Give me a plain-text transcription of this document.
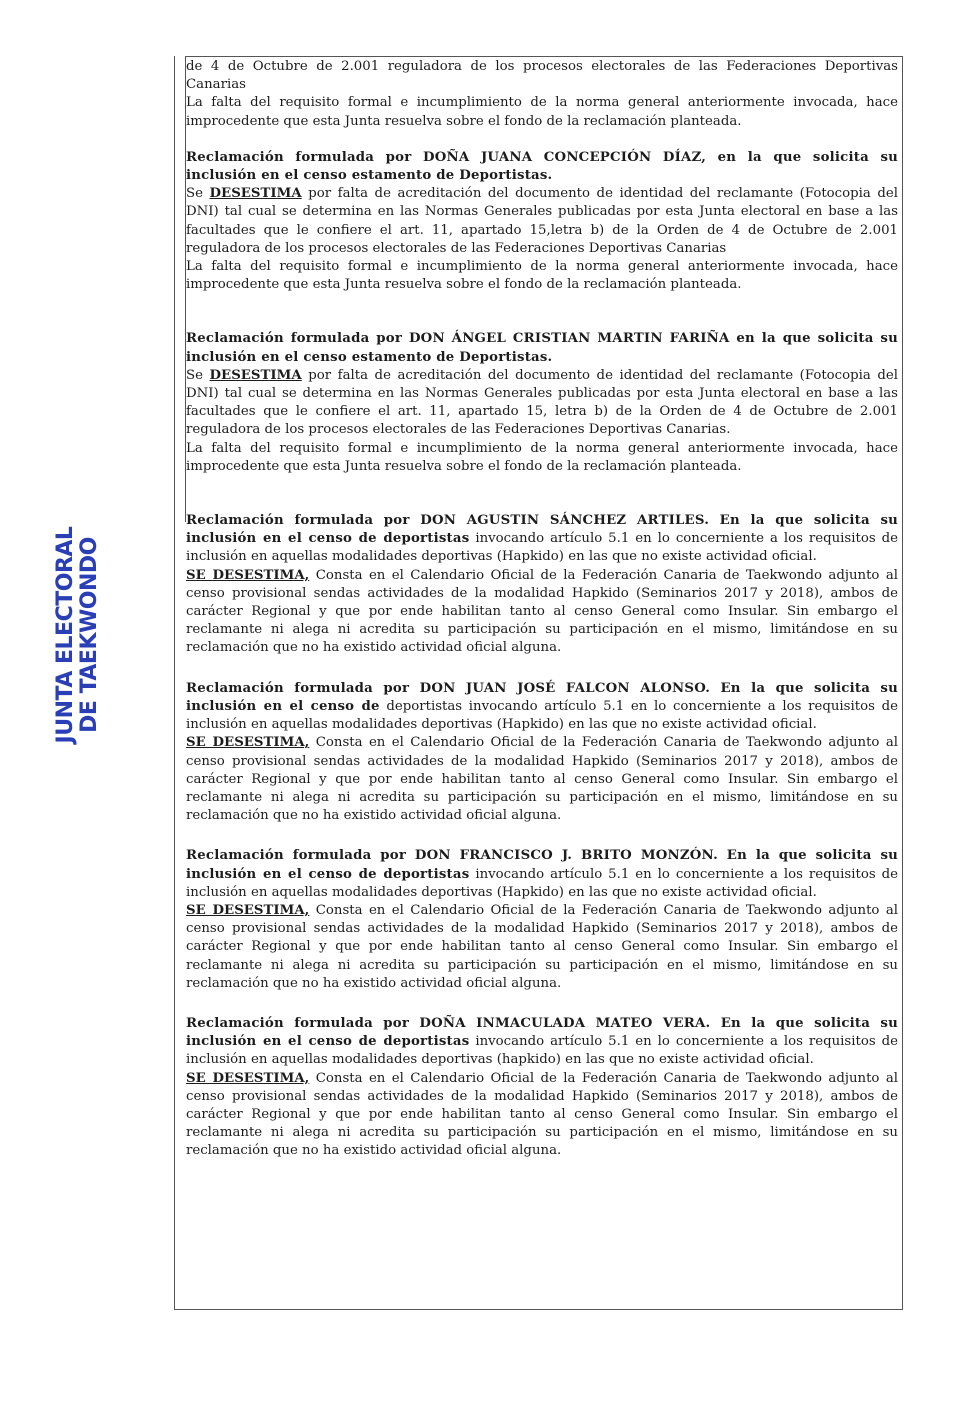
JUNTA ELECTORAL DE TAEKWONDO

de 4 de Octubre de 2.001 reguladora de los procesos electorales de las Federaciones Deportivas Canarias

La falta del requisito formal e incumplimiento de la norma general anteriormente invocada, hace improcedente que esta Junta resuelva sobre el fondo de la reclamación planteada.

Reclamación formulada por DOÑA JUANA CONCEPCIÓN DÍAZ, en la que solicita su inclusión en el censo estamento de Deportistas.

Se DESESTIMA por falta de acreditación del documento de identidad del reclamante (Fotocopia del DNI) tal cual se determina en las Normas Generales publicadas por esta Junta electoral en base a las facultades que le confiere el art. 11, apartado 15,letra b) de la Orden de 4 de Octubre de 2.001 reguladora de los procesos electorales de las Federaciones Deportivas Canarias

La falta del requisito formal e incumplimiento de la norma general anteriormente invocada, hace improcedente que esta Junta resuelva sobre el fondo de la reclamación planteada.

Reclamación formulada por DON ÁNGEL CRISTIAN MARTIN FARIÑA en la que solicita su inclusión en el censo estamento de Deportistas.

Se DESESTIMA por falta de acreditación del documento de identidad del reclamante (Fotocopia del DNI) tal cual se determina en las Normas Generales publicadas por esta Junta electoral en base a las facultades que le confiere el art. 11, apartado 15, letra b) de la Orden de 4 de Octubre de 2.001 reguladora de los procesos electorales de las Federaciones Deportivas Canarias.

La falta del requisito formal e incumplimiento de la norma general anteriormente invocada, hace improcedente que esta Junta resuelva sobre el fondo de la reclamación planteada.

Reclamación formulada por DON AGUSTIN SÁNCHEZ ARTILES. En la que solicita su inclusión en el censo de deportistas invocando artículo 5.1 en lo concerniente a los requisitos de inclusión en aquellas modalidades deportivas (Hapkido) en las que no existe actividad oficial.

SE DESESTIMA, Consta en el Calendario Oficial de la Federación Canaria de Taekwondo adjunto al censo provisional sendas actividades de la modalidad Hapkido (Seminarios 2017 y 2018), ambos de carácter Regional y que por ende habilitan tanto al censo General como Insular. Sin embargo el reclamante ni alega ni acredita su participación su participación en el mismo, limitándose en su reclamación que no ha existido actividad oficial alguna.

Reclamación formulada por DON JUAN JOSÉ FALCON ALONSO. En la que solicita su inclusión en el censo de deportistas invocando artículo 5.1 en lo concerniente a los requisitos de inclusión en aquellas modalidades deportivas (Hapkido) en las que no existe actividad oficial.

SE DESESTIMA, Consta en el Calendario Oficial de la Federación Canaria de Taekwondo adjunto al censo provisional sendas actividades de la modalidad Hapkido (Seminarios 2017 y 2018), ambos de carácter Regional y que por ende habilitan tanto al censo General como Insular. Sin embargo el reclamante ni alega ni acredita su participación su participación en el mismo, limitándose en su reclamación que no ha existido actividad oficial alguna.

Reclamación formulada por DON FRANCISCO J. BRITO MONZÓN. En la que solicita su inclusión en el censo de deportistas invocando artículo 5.1 en lo concerniente a los requisitos de inclusión en aquellas modalidades deportivas (Hapkido) en las que no existe actividad oficial.

SE DESESTIMA, Consta en el Calendario Oficial de la Federación Canaria de Taekwondo adjunto al censo provisional sendas actividades de la modalidad Hapkido (Seminarios 2017 y 2018), ambos de carácter Regional y que por ende habilitan tanto al censo General como Insular. Sin embargo el reclamante ni alega ni acredita su participación su participación en el mismo, limitándose en su reclamación que no ha existido actividad oficial alguna.

Reclamación formulada por DOÑA INMACULADA MATEO VERA. En la que solicita su inclusión en el censo de deportistas invocando artículo 5.1 en lo concerniente a los requisitos de inclusión en aquellas modalidades deportivas (hapkido) en las que no existe actividad oficial.

SE DESESTIMA, Consta en el Calendario Oficial de la Federación Canaria de Taekwondo adjunto al censo provisional sendas actividades de la modalidad Hapkido (Seminarios 2017 y 2018), ambos de carácter Regional y que por ende habilitan tanto al censo General como Insular. Sin embargo el reclamante ni alega ni acredita su participación su participación en el mismo, limitándose en su reclamación que no ha existido actividad oficial alguna.
